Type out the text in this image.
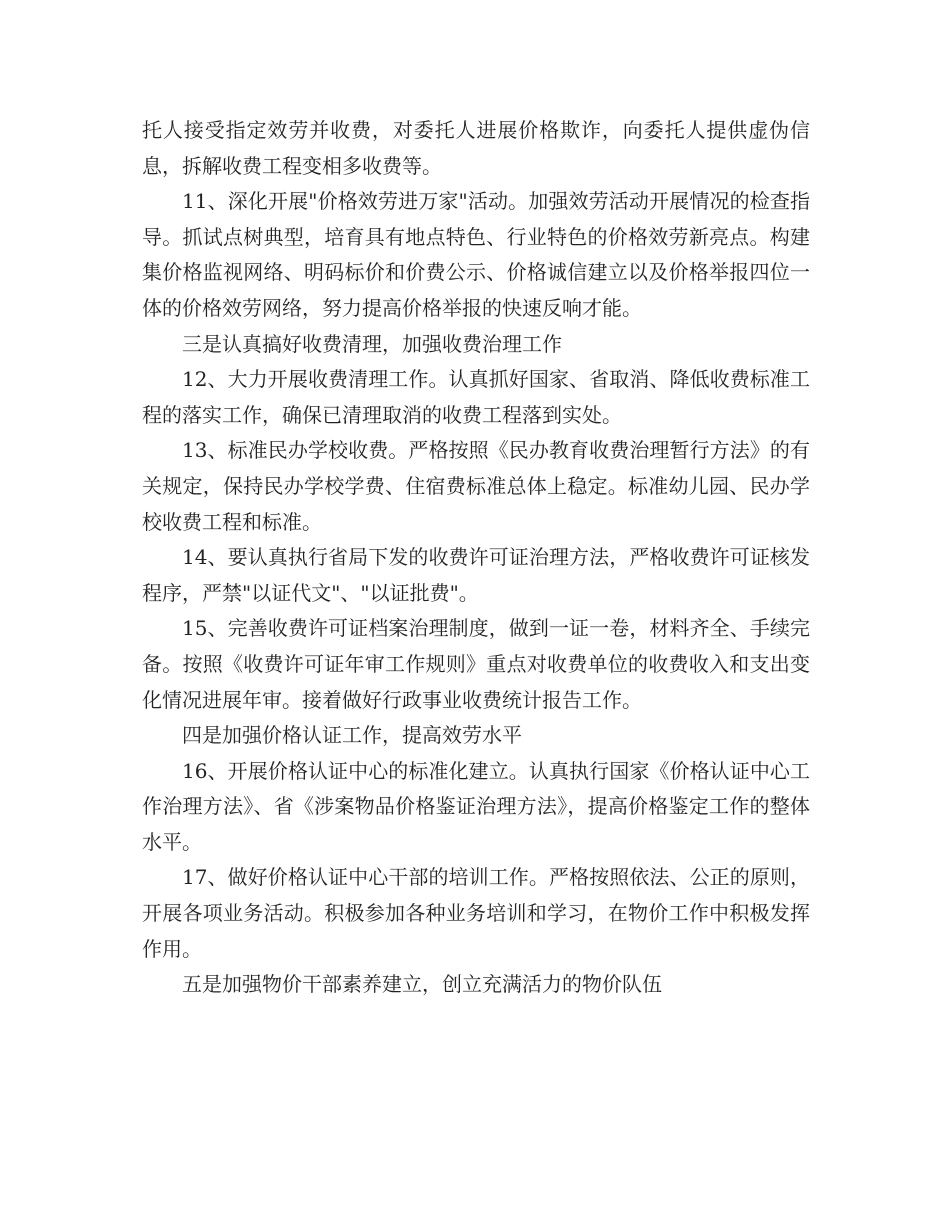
托人接受指定效劳并收费，对委托人进展价格欺诈，向委托人提供虚伪信息，拆解收费工程变相多收费等。

11、深化开展"价格效劳进万家"活动。加强效劳活动开展情况的检查指导。抓试点树典型，培育具有地点特色、行业特色的价格效劳新亮点。构建集价格监视网络、明码标价和价费公示、价格诚信建立以及价格举报四位一体的价格效劳网络，努力提高价格举报的快速反响才能。

三是认真搞好收费清理，加强收费治理工作

12、大力开展收费清理工作。认真抓好国家、省取消、降低收费标准工程的落实工作，确保已清理取消的收费工程落到实处。

13、标准民办学校收费。严格按照《民办教育收费治理暂行方法》的有关规定，保持民办学校学费、住宿费标准总体上稳定。标准幼儿园、民办学校收费工程和标准。

14、要认真执行省局下发的收费许可证治理方法，严格收费许可证核发程序，严禁"以证代文"、"以证批费"。

15、完善收费许可证档案治理制度，做到一证一卷，材料齐全、手续完备。按照《收费许可证年审工作规则》重点对收费单位的收费收入和支出变化情况进展年审。接着做好行政事业收费统计报告工作。

四是加强价格认证工作，提高效劳水平

16、开展价格认证中心的标准化建立。认真执行国家《价格认证中心工作治理方法》、省《涉案物品价格鉴证治理方法》，提高价格鉴定工作的整体水平。

17、做好价格认证中心干部的培训工作。严格按照依法、公正的原则，开展各项业务活动。积极参加各种业务培训和学习，在物价工作中积极发挥作用。

五是加强物价干部素养建立，创立充满活力的物价队伍
